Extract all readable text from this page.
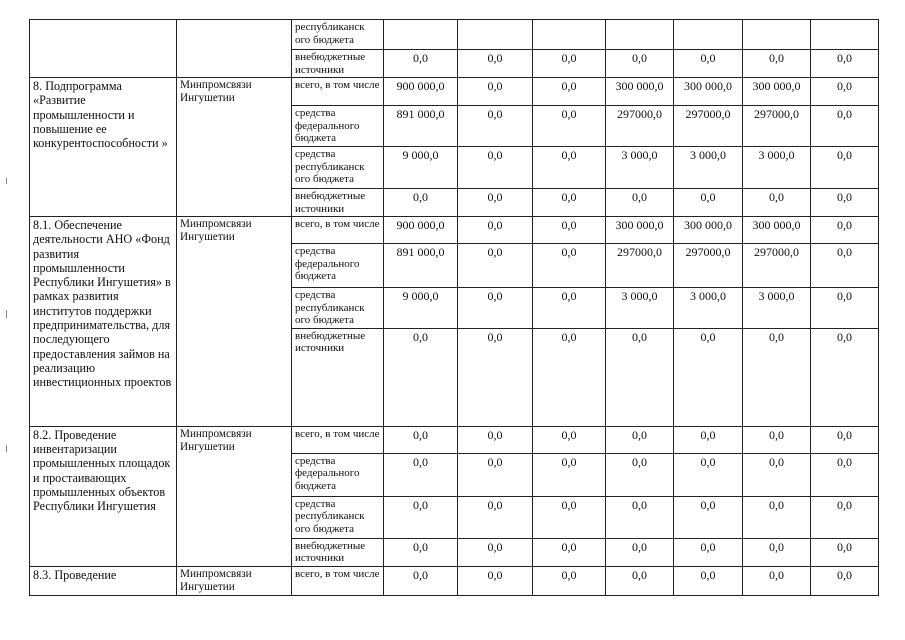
		республиканск ого бюджета							
		внебюджетные источники	0,0	0,0	0,0	0,0	0,0	0,0	0,0
8. Подпрограмма «Развитие промышленности и повышение ее конкурентоспособности »	Минпромсвязи Ингушетии	всего, в том числе	900 000,0	0,0	0,0	300 000,0	300 000,0	300 000,0	0,0
		средства федерального бюджета	891 000,0	0,0	0,0	297000,0	297000,0	297000,0	0,0
		средства республиканск ого бюджета	9 000,0	0,0	0,0	3 000,0	3 000,0	3 000,0	0,0
		внебюджетные источники	0,0	0,0	0,0	0,0	0,0	0,0	0,0
8.1. Обеспечение деятельности АНО «Фонд развития промышленности Республики Ингушетия» в рамках развития институтов поддержки предпринимательства, для последующего предоставления займов на реализацию инвестиционных проектов	Минпромсвязи Ингушетии	всего, в том числе	900 000,0	0,0	0,0	300 000,0	300 000,0	300 000,0	0,0
		средства федерального бюджета	891 000,0	0,0	0,0	297000,0	297000,0	297000,0	0,0
		средства республиканск ого бюджета	9 000,0	0,0	0,0	3 000,0	3 000,0	3 000,0	0,0
		внебюджетные источники	0,0	0,0	0,0	0,0	0,0	0,0	0,0
8.2. Проведение инвентаризации промышленных площадок и простаивающих промышленных объектов Республики Ингушетия	Минпромсвязи Ингушетии	всего, в том числе	0,0	0,0	0,0	0,0	0,0	0,0	0,0
		средства федерального бюджета	0,0	0,0	0,0	0,0	0,0	0,0	0,0
		средства республиканск ого бюджета	0,0	0,0	0,0	0,0	0,0	0,0	0,0
		внебюджетные источники	0,0	0,0	0,0	0,0	0,0	0,0	0,0
8.3. Проведение	Минпромсвязи Ингушетии	всего, в том числе	0,0	0,0	0,0	0,0	0,0	0,0	0,0
